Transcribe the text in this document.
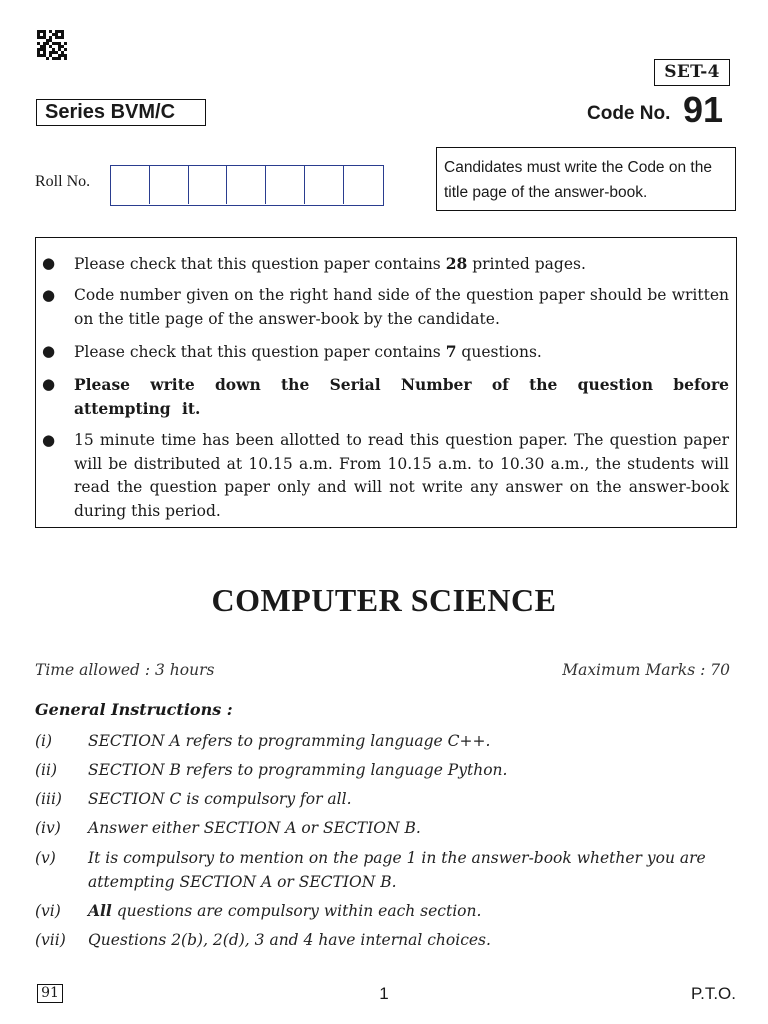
SET-4
Series BVM/C	Code No. 91
Roll No.
Candidates must write the Code on the title page of the answer-book.
● Please check that this question paper contains 28 printed pages.
● Code number given on the right hand side of the question paper should be written on the title page of the answer-book by the candidate.
● Please check that this question paper contains 7 questions.
● Please write down the Serial Number of the question before attempting it.
● 15 minute time has been allotted to read this question paper. The question paper will be distributed at 10.15 a.m. From 10.15 a.m. to 10.30 a.m., the students will read the question paper only and will not write any answer on the answer-book during this period.
COMPUTER SCIENCE
Time allowed : 3 hours	Maximum Marks : 70
General Instructions :
(i) SECTION A refers to programming language C++.
(ii) SECTION B refers to programming language Python.
(iii) SECTION C is compulsory for all.
(iv) Answer either SECTION A or SECTION B.
(v) It is compulsory to mention on the page 1 in the answer-book whether you are attempting SECTION A or SECTION B.
(vi) All questions are compulsory within each section.
(vii) Questions 2(b), 2(d), 3 and 4 have internal choices.
91	1	P.T.O.
